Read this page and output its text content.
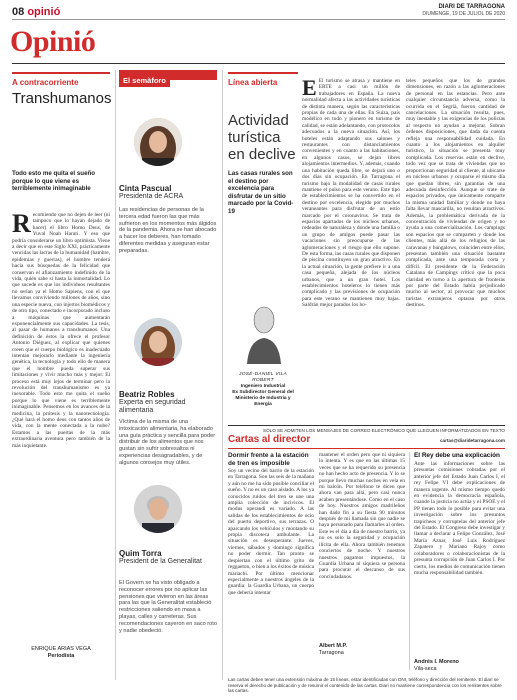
08 opinió	DIARI DE TARRAGONA
DIUMENGE, 19 DE JULIOL DE 2020
Opinió
A contracorriente
Transhumanos
Todo esto me quita el sueño porque lo que viene es terriblemente inimaginable
Recomiendo que no dejen de leer (ni tampoco que lo hayan dejado de hacer) el libro Homo Deus, de Yuval Noah Harari. Y eso que podría considerarse un libro optimista. Viene a decir que en este Siglo XXI, prácticamente vencidas las lacras de la humanidad (hambre, epidemias y guerras), el hombre tenderá hacia sus búsquedas de la felicidad que conservan el afianzamiento indefinido de la vida, quién sabe si hasta la inmortalidad. Lo que sucede es que los individuos resultantes no serían ya el Homo Sapiens, con el que llevamos conviviendo millones de años, sino una especie nueva, con injertos biomédicos y de otro tipo, conectado e incorporado incluso a máquinas que aumentarán exponencialmente sus capacidades. La tesis, al pasar de humanos a transhumanos. Una definición de éstos la ofrece el profesor Antonio Diéguez, al explicar que quienes creen que el cuerpo biológico es inadecuado intentan mejorarlo mediante la ingeniería genética, la tecnología y todo ello de manera que el hombre pueda superar sus limitaciones y vivir mucho más y mejor. El proceso está muy lejos de terminar pero la revolución del transhumanismo es ya inexorable. Todo esto me quita el sueño porque lo que viene es terriblemente inimaginable. Pensemos en los avances de la medicina, la prótesis y la nanotecnología. ¿Qué hará el homo deus con tantos años de vida, con la mente conectada a la nube? Estamos a las puertas de la más extraordinaria aventura pero también de la más inquietante.
ENRIQUE ARIAS VEGA
Periodista
El semàforo
Cinta Pascual
Presidenta de ACRA
Las residencias de personas de la tercera edad fueron las que más sufrieron en los momentos más álgidos de la pandemia. Ahora se han abocado a hacer los deberes, han tomado diferentes medidas y aseguran estar preparadas.
Beatriz Robles
Experta en seguridad alimentaria
Víctima de la misma de una intoxicación alimentaria, ha elaborado una guía práctica y sencilla para poder distribuir de los alimentos que nos gustan sin sufrir sobresaltos ni experiencias desagradables, y de algunos consejos muy útiles.
Quim Torra
President de la Generalitat
El Govern se ha visto obligado a reconocer errores por no aplicar las pensiones que vivieron en las áreas para las que la Generalitat estableció restricciones saliendo en masa a playas, calles y carreteras. Sus recomendaciones cayeron en saco roto y nadie obedeció.
Línea abierta
Actividad turística en declive
Las casas rurales son el destino por excelencia para disfrutar de un sitio marcado por la Covid-19
JOSÉ-DANIEL VILA ROBERT
Ingeniero Industrial
Ex Subdirector General del Ministerio de Industria y Energía
E El turismo se atrasa y mantiene en ERTE a casi un millón de trabajadores en España. La nueva normalidad afecta a las actividades turísticas de distinta manera, según las características propias de cada una de ellas. En Suiza, país modélico en todo y pionero en turismo de calidad, se están adelantando, con protocolos adecuados a la nueva situación. Así, los hoteles están adaptando sus salones y restaurantes con distanciamientos convenientes y en cuanto a las habitaciones, en algunos casos, se dejan libres alojamientos intermedios. Y, además, cuando una habitación queda libre, se dejará uno o dos días sin ocupación. En Tarragona el turismo bajo la modalidad de casas rurales mantiene el pulso para este verano. Este tipo de establecimientos se ha convertido en el destino por excelencia, elegido por muchos veraneantes para disfrutar de un estío marcado por el coronavirus. Se trata de espacios apartados de los núcleos urbanos, rodeados de naturaleza y donde una familia o un grupo de amigos puede pasar las vacaciones sin preocuparse de las aglomeraciones y el riesgo que ello supone. De esta forma, las casas rurales que disponen de piscina constituyen un gran atractivo. En la actual situación, la gente prefiere ir a una casa pequeña, alejada de los núcleos urbanos, que a un gran hotel. Los establecimientos hoteleros lo tienen más complicado y las previsiones de ocupación para este verano se mantienen muy bajas. Saldrán mejor parados los ho-
teles pequeños que los de grandes dimensiones, en razón a las aglomeraciones de personal en las estancias. Pero ante cualquier circunstancia adversa, como la ocurrida en el Segrià, fueron cantidad de cancelaciones. La situación resulta, pues, muy inestable y las exigencias de los policías al respecto no ayudan a mejorar. Sobran órdenes disposiciones, que dada da cuenta refleja una responsabilidad cuidada. En cuanto a los alojamientos en alquiler turístico, la situación se presenta muy complicada. Los reservas están en declive, todo vez que se trata de viviendas que no proporcionan seguridad al cliente, al ubicarse en núcleos urbanos y ocuparse el mismo día que quedan libres, sin garantías de una adecuada desinfección. Aunque se trate de espacios privados, que únicamente comparte la misma unidad familiar y donde no haya falta llevar mascarilla, no resultan atractivos. Además, la problemática derivada de la concentración de viviendas de origen y no ayuda a una comercialización. Los campings son espacios que se comparten y donde los clientes, más allá de los refugios de las caravanas y bungalows, coinciden entre ellos, presentan también una situación bastante complicada, ante una temporada corta y difícil. El presidente de la Federación Catalana de Campings criticó que la poca claridad en torno a la apertura de fronteras por parte del Estado había perjudicado mucho al sector, al provocar que muchos turistas extranjeros optaran por otros destinos.
SÓLO SE ADMITEN LOS MENSAJES DE CORREO ELECTRÓNICO QUE LLEGUEN INFORMATIZADOS EN TEXTO
Cartas al director	cartas@diaridetarragona.com
Dormir frente a la estación de tren es imposible
Soy un vecino del barrio de la estación en Tarragona. Son las seis de la mañana y aún no me ha sido posible conciliar el sueño. Y no es un caso aislado. A los ya conocidos ruidos del tren se une una amplia colección de incivicos. El modus operandi es variado. A las salidas de los establecimientos de ocio del puerto deportivo, sus terrazas. O aparcando los vehículos y montando su propia discoteca ambulante. La situación es desesperante. Jueves, viernes, sábados y domingo significa no poder dormir. Tan pronto se despiertan con el último grito de reggaeton, o bien a los éxitos de música mariachi. Por último mencionar especialmente a nuestros ángeles de la guardia: la Guardia Urbana, un cuerpo que debería intentar
mantener el orden pero que ni siquiera lo intenta. Y es que en las últimas 15 veces que se ha requerido su presencia no han hecho acto de presencia. Y lo se porque llevo muchas noches en vela en mi balcón. Por teléfono te dicen que ahora van para allá, pero casi nunca acaben presentándose. Como en el caso de hoy. Nuestros amigos madrileños han dado fin a su fiesta 90 minutos después de mi llamada sin que nadie se haya personado para llamarles al orden. Este es el día a día de nuestro barrio, ya no es solo la seguridad y ocupación ilícita de ella. Ahora también tenemos conciertos de noche. Y nuestros nuestros pagamos impuestos, la Guardia Urbana ni siquiera se persona para procurar el descanso de sus conciudadanos.
Albert M.P.
Tarragona
El Rey debe una explicación
Ante las informaciones sobre las presuntas comisiones cobradas por el anterior jefe del Estado Juan Carlos I, el rey Felipe VI debe explicaciones de manera urgente. Al mismo tiempo quedó en evidencia la democracia española, cuando la justicia no actúa y el PSOE y el PP tienen todo lo posible para evitar una investigación sobre los presuntos trapicheos y corruptelas del anterior jefe del Estado. El Congreso debe investigar y llamar a declarar a Felipe González, José María Aznar, José Luis Rodríguez Zapatero y Mariano Rajoy como colaboradores o colaboracionistas de la presunta corrupción de Juan Carlos I. Por cierto, los medios de comunicación tienen mucha responsabilidad también.
Andrés I. Moreno
Vila-seca
Las cartas deben tener una extensión máxima de 15 líneas, estar identificadas con DNI, teléfono y dirección del remitente. El diari se reserva el derecho de publicación y de resumir el contenido de las cartas. Diari no mantiene correspondencia con los remitentes sobre las cartas.
